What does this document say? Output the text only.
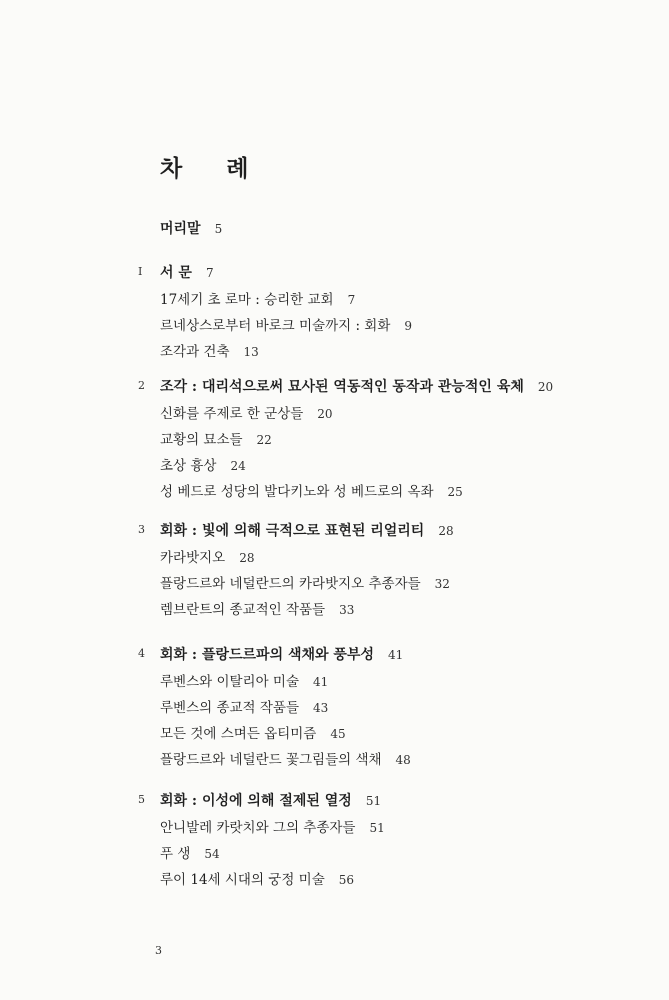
차 례
머리말 5
I 서 문 7
17세기 초 로마 : 승리한 교회 7
르네상스로부터 바로크 미술까지 : 회화 9
조각과 건축 13
2 조각 : 대리석으로써 묘사된 역동적인 동작과 관능적인 육체 20
신화를 주제로 한 군상들 20
교황의 묘소들 22
초상 흉상 24
성 베드로 성당의 발다키노와 성 베드로의 옥좌 25
3 회화 : 빛에 의해 극적으로 표현된 리얼리티 28
카라밧지오 28
플랑드르와 네덜란드의 카라밧지오 추종자들 32
렘브란트의 종교적인 작품들 33
4 회화 : 플랑드르파의 색채와 풍부성 41
루벤스와 이탈리아 미술 41
루벤스의 종교적 작품들 43
모든 것에 스며든 옵티미즘 45
플랑드르와 네덜란드 꽃그림들의 색채 48
5 회화 : 이성에 의해 절제된 열정 51
안니발레 카랏치와 그의 추종자들 51
푸 생 54
루이 14세 시대의 궁정 미술 56
3
